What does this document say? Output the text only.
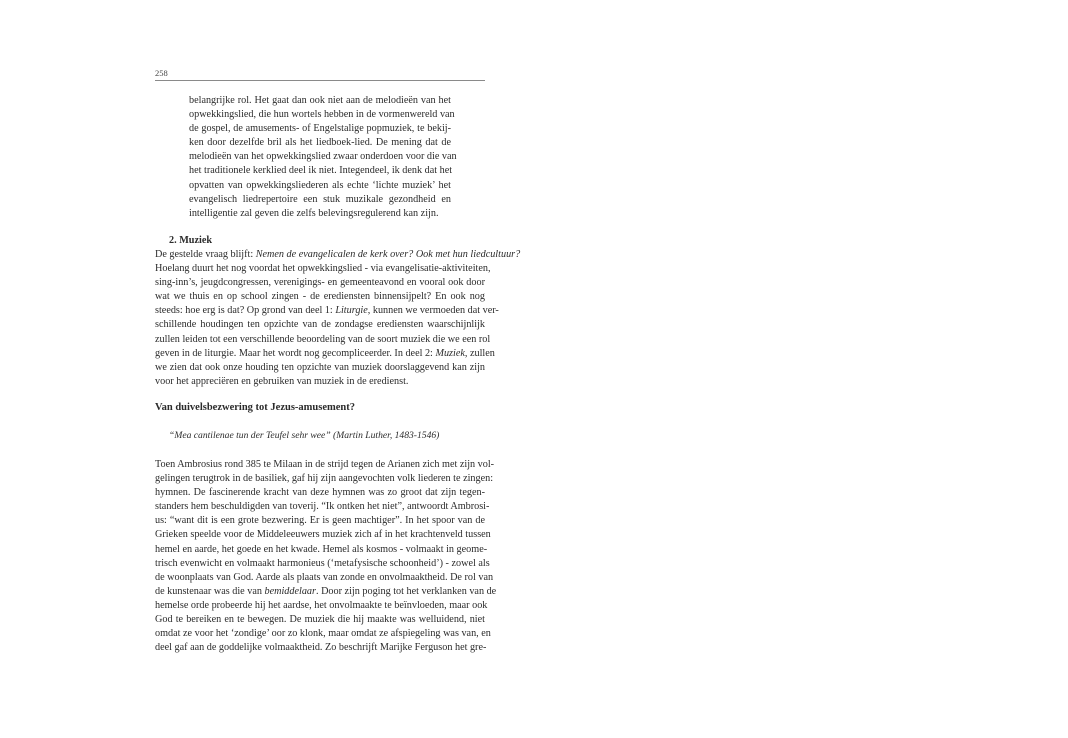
258
belangrijke rol. Het gaat dan ook niet aan de melodieën van het
opwekkingslied, die hun wortels hebben in de vormenwereld van
de gospel, de amusements- of Engelstalige popmuziek, te bekij-
ken door dezelfde bril als het liedboek-lied. De mening dat de
melodieën van het opwekkingslied zwaar onderdoen voor die van
het traditionele kerklied deel ik niet. Integendeel, ik denk dat het
opvatten van opwekkingsliederen als echte ‘lichte muziek’ het
evangelisch liedrepertoire een stuk muzikale gezondheid en
intelligentie zal geven die zelfs belevingsregulerend kan zijn.
2. Muziek
De gestelde vraag blijft: Nemen de evangelicalen de kerk over? Ook met hun liedcultuur?
Hoelang duurt het nog voordat het opwekkingslied - via evangelisatie-aktiviteiten,
sing-inn’s, jeugdcongressen, verenigings- en gemeenteavond en vooral ook door
wat we thuis en op school zingen - de erediensten binnensijpelt? En ook nog
steeds: hoe erg is dat? Op grond van deel 1: Liturgie, kunnen we vermoeden dat ver-
schillende houdingen ten opzichte van de zondagse erediensten waarschijnlijk
zullen leiden tot een verschillende beoordeling van de soort muziek die we een rol
geven in de liturgie. Maar het wordt nog gecompliceerder. In deel 2: Muziek, zullen
we zien dat ook onze houding ten opzichte van muziek doorslaggevend kan zijn
voor het appreciëren en gebruiken van muziek in de eredienst.
Van duivelsbezwering tot Jezus-amusement?
“Mea cantilenae tun der Teufel sehr wee” (Martin Luther, 1483-1546)
Toen Ambrosius rond 385 te Milaan in de strijd tegen de Arianen zich met zijn vol-
gelingen terugtrok in de basiliek, gaf hij zijn aangevochten volk liederen te zingen:
hymnen. De fascinerende kracht van deze hymnen was zo groot dat zijn tegen-
standers hem beschuldigden van toverij. “Ik ontken het niet”, antwoordt Ambrosi-
us: “want dit is een grote bezwering. Er is geen machtiger”. In het spoor van de
Grieken speelde voor de Middeleeuwers muziek zich af in het krachtenveld tussen
hemel en aarde, het goede en het kwade. Hemel als kosmos - volmaakt in geome-
trisch evenwicht en volmaakt harmonieus (‘metafysische schoonheid’) - zowel als
de woonplaats van God. Aarde als plaats van zonde en onvolmaaktheid. De rol van
de kunstenaar was die van bemiddelaar. Door zijn poging tot het verklanken van de
hemelse orde probeerde hij het aardse, het onvolmaakte te beïnvloeden, maar ook
God te bereiken en te bewegen. De muziek die hij maakte was welluidend, niet
omdat ze voor het ‘zondige’ oor zo klonk, maar omdat ze afspiegeling was van, en
deel gaf aan de goddelijke volmaaktheid. Zo beschrijft Marijke Ferguson het gre-
